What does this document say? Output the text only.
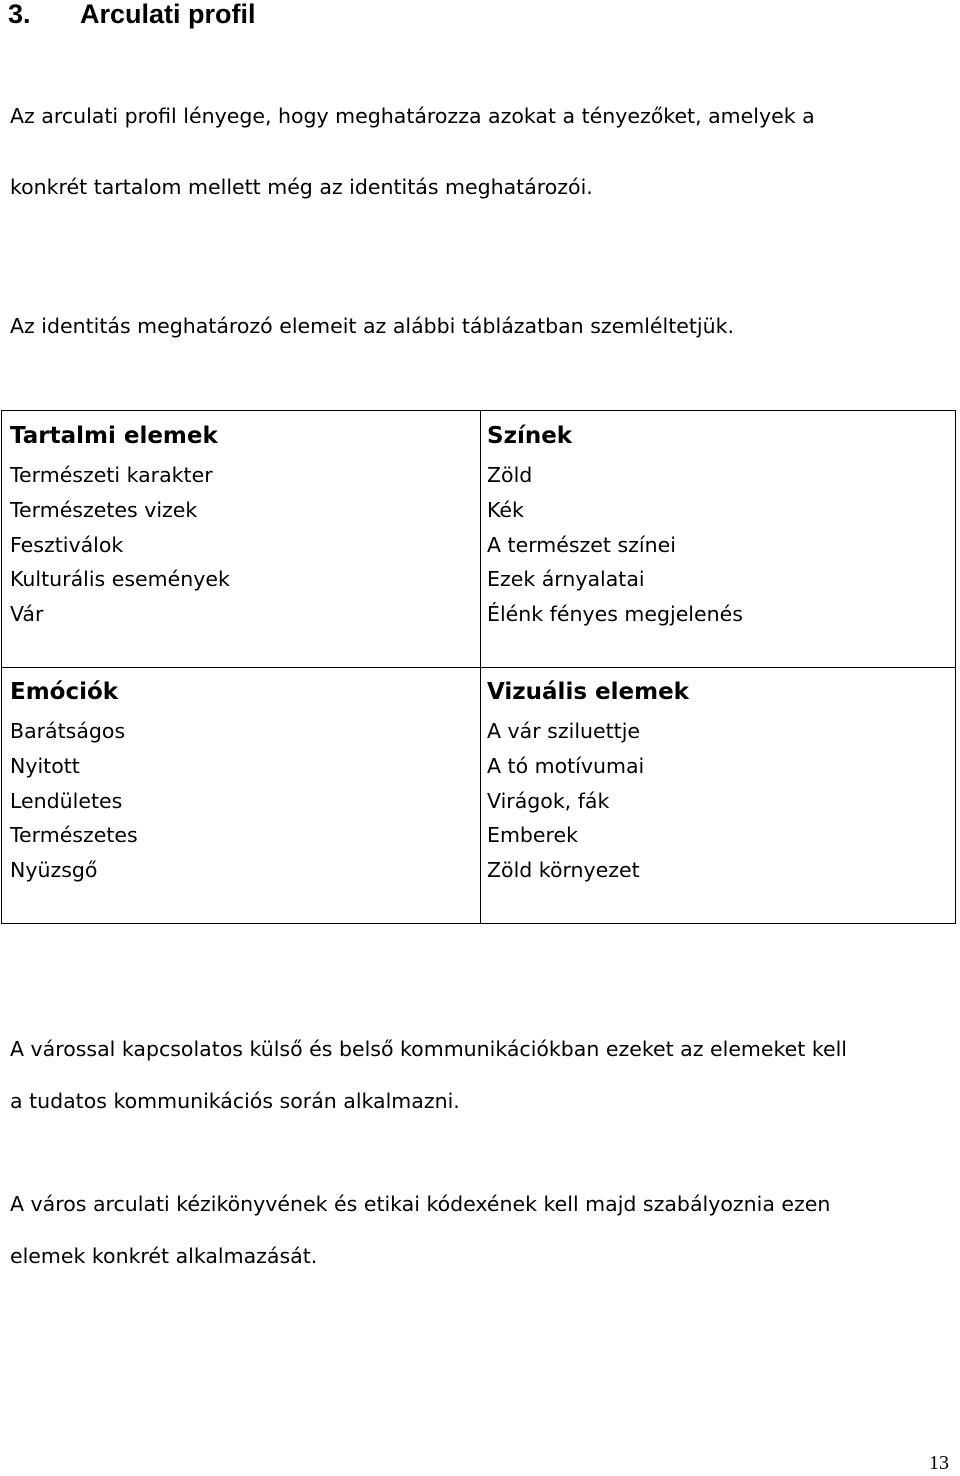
3. Arculati profil

Az arculati profil lényege, hogy meghatározza azokat a tényezőket, amelyek a

konkrét tartalom mellett még az identitás meghatározói.

Az identitás meghatározó elemeit az alábbi táblázatban szemléltetjük.

Tartalmi elemek
Természeti karakter
Természetes vizek
Fesztiválok
Kulturális események
Vár
Színek
Zöld
Kék
A természet színei
Ezek árnyalatai
Élénk fényes megjelenés
Emóciók
Barátságos
Nyitott
Lendületes
Természetes
Nyüzsgő
Vizuális elemek
A vár sziluettje
A tó motívumai
Virágok, fák
Emberek
Zöld környezet

A várossal kapcsolatos külső és belső kommunikációkban ezeket az elemeket kell

a tudatos kommunikációs során alkalmazni.

A város arculati kézikönyvének és etikai kódexének kell majd szabályoznia ezen

elemek konkrét alkalmazását.

13
